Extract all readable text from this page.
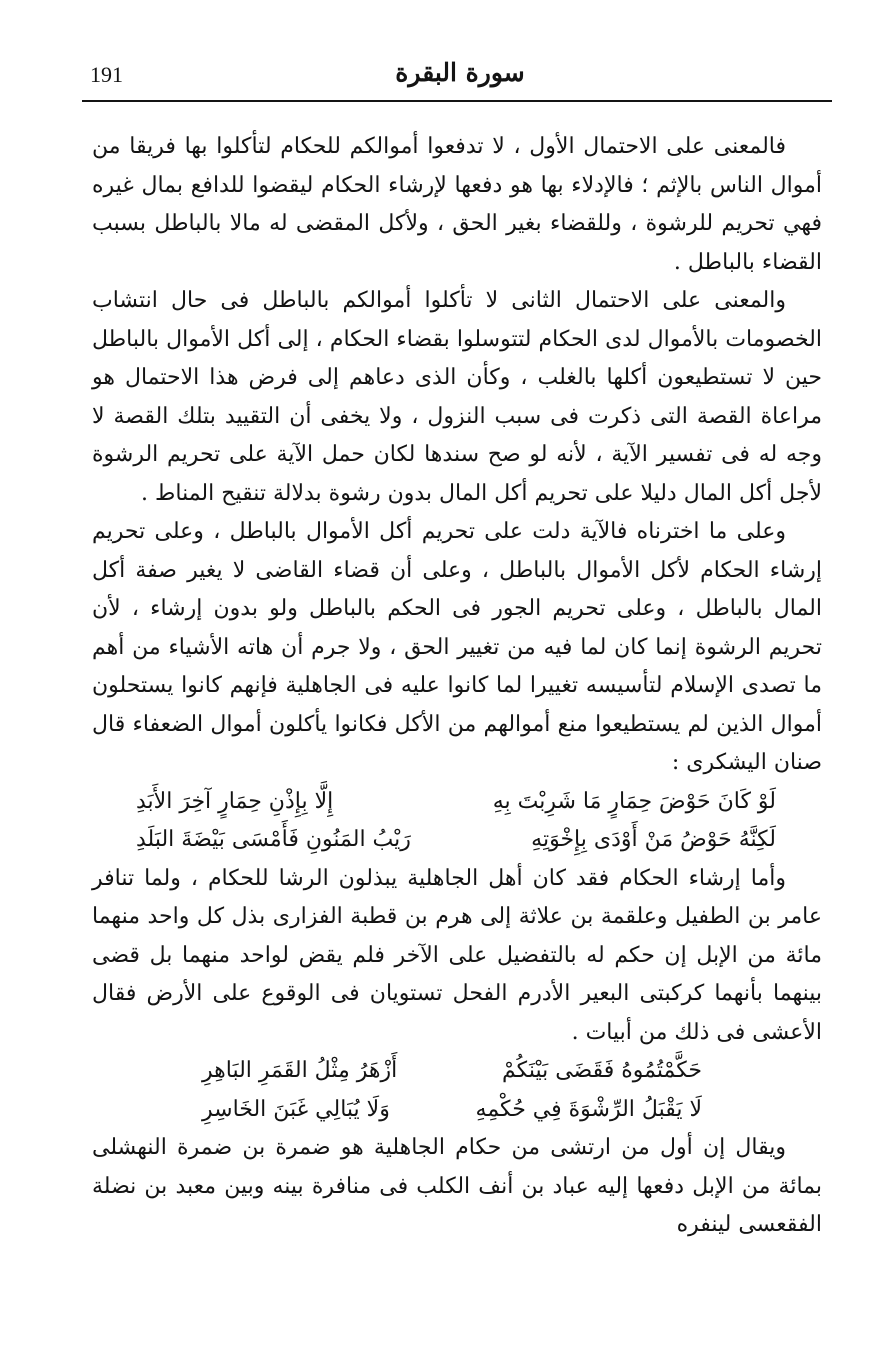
191	سورة البقرة

فالمعنى على الاحتمال الأول ، لا تدفعوا أموالكم للحكام لتأكلوا بها فريقا من أموال الناس بالإثم ؛ فالإدلاء بها هو دفعها لإرشاء الحكام ليقضوا للدافع بمال غيره فهي تحريم للرشوة ، وللقضاء بغير الحق ، ولأكل المقضى له مالا بالباطل بسبب القضاء بالباطل .

والمعنى على الاحتمال الثانى لا تأكلوا أموالكم بالباطل فى حال انتشاب الخصومات بالأموال لدى الحكام لتتوسلوا بقضاء الحكام ، إلى أكل الأموال بالباطل حين لا تستطيعون أكلها بالغلب ، وكأن الذى دعاهم إلى فرض هذا الاحتمال هو مراعاة القصة التى ذكرت فى سبب النزول ، ولا يخفى أن التقييد بتلك القصة لا وجه له فى تفسير الآية ، لأنه لو صح سندها لكان حمل الآية على تحريم الرشوة لأجل أكل المال دليلا على تحريم أكل المال بدون رشوة بدلالة تنقيح المناط .

وعلى ما اخترناه فالآية دلت على تحريم أكل الأموال بالباطل ، وعلى تحريم إرشاء الحكام لأكل الأموال بالباطل ، وعلى أن قضاء القاضى لا يغير صفة أكل المال بالباطل ، وعلى تحريم الجور فى الحكم بالباطل ولو بدون إرشاء ، لأن تحريم الرشوة إنما كان لما فيه من تغيير الحق ، ولا جرم أن هاته الأشياء من أهم ما تصدى الإسلام لتأسيسه تغييرا لما كانوا عليه فى الجاهلية فإنهم كانوا يستحلون أموال الذين لم يستطيعوا منع أموالهم من الأكل فكانوا يأكلون أموال الضعفاء قال صنان اليشكرى :

لَوْ كَانَ حَوْضَ حِمَارٍ مَا شَرِبْتَ بِهِ
إِلَّا بِإِذْنِ حِمَارٍ آخِرَ الأَبَدِ
لَكِنَّهُ حَوْضُ مَنْ أَوْدَى بِإِخْوَتِهِ
رَيْبُ المَنُونِ فَأَمْسَى بَيْضَةَ البَلَدِ

وأما إرشاء الحكام فقد كان أهل الجاهلية يبذلون الرشا للحكام ، ولما تنافر عامر بن الطفيل وعلقمة بن علاثة إلى هرم بن قطبة الفزارى بذل كل واحد منهما مائة من الإبل إن حكم له بالتفضيل على الآخر فلم يقض لواحد منهما بل قضى بينهما بأنهما كركبتى البعير الأدرم الفحل تستويان فى الوقوع على الأرض فقال الأعشى فى ذلك من أبيات .

حَكَّمْتُمُوهُ فَقَضَى بَيْنَكُمْ
أَزْهَرُ مِثْلُ القَمَرِ البَاهِرِ
لَا يَقْبَلُ الرِّشْوَةَ فِي حُكْمِهِ
وَلَا يُبَالِي غَبَنَ الخَاسِرِ

ويقال إن أول من ارتشى من حكام الجاهلية هو ضمرة بن ضمرة النهشلى بمائة من الإبل دفعها إليه عباد بن أنف الكلب فى منافرة بينه وبين معبد بن نضلة الفقعسى لينفره
